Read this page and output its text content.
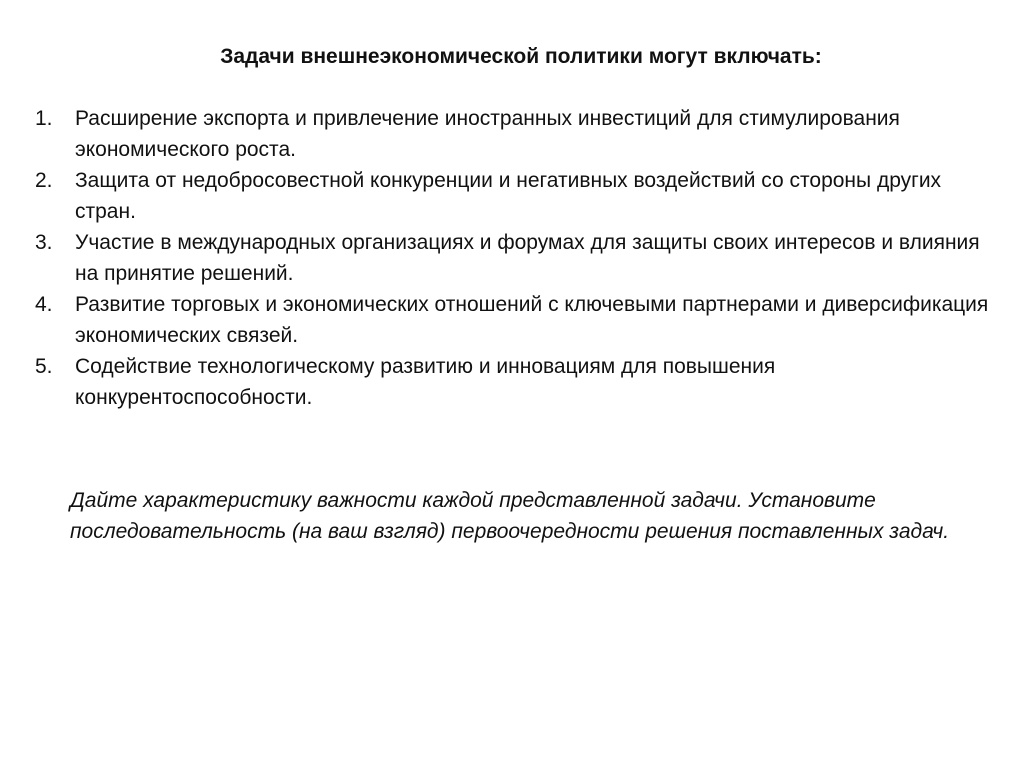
Задачи внешнеэкономической политики могут включать:
1.	Расширение экспорта и привлечение иностранных инвестиций для стимулирования экономического роста.
2.	Защита от недобросовестной конкуренции и негативных воздействий со стороны других стран.
3.	Участие в международных организациях и форумах для защиты своих интересов и влияния на принятие решений.
4.	Развитие торговых и экономических отношений с ключевыми партнерами и диверсификация экономических связей.
5.	Содействие технологическому развитию и инновациям для повышения конкурентоспособности.

Дайте характеристику важности каждой представленной задачи. Установите последовательность (на ваш взгляд) первоочередности решения поставленных задач.
